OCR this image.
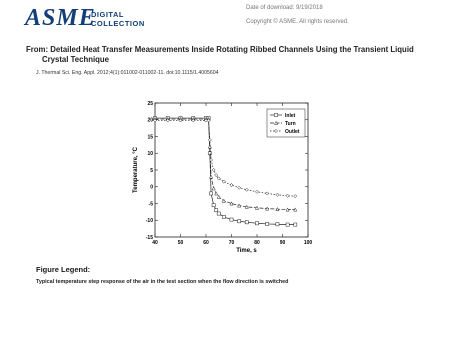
ASME
DIGITAL
COLLECTION
Date of download: 9/19/2018
Copyright © ASME. All rights reserved.
From: Detailed Heat Transfer Measurements Inside Rotating Ribbed Channels Using the Transient Liquid
Crystal Technique
J. Thermal Sci. Eng. Appl. 2012;4(1):011002-011002-11. doi:10.1115/1.4005604
40	50	60	70	80	90	100
-15
-10
-5
0
5
10
15
20
25
Time, s
Temperature, °C
Inlet
Turn
Outlet
Figure Legend:
Typical temperature step response of the air in the test section when the flow direction is switched
